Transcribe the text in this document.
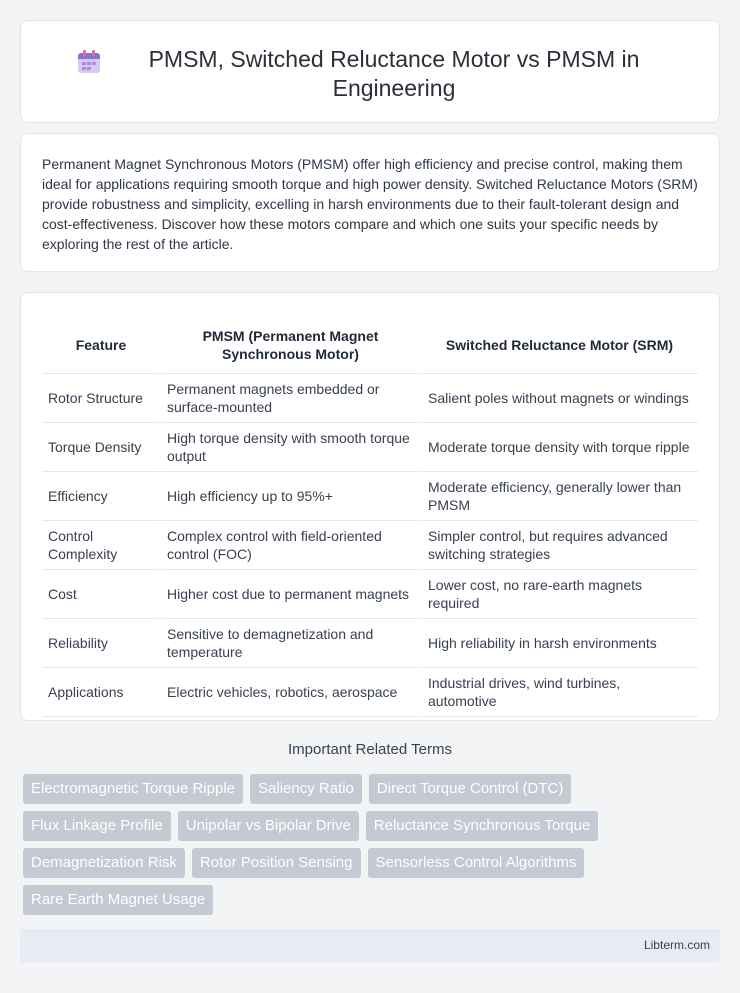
PMSM, Switched Reluctance Motor vs PMSM in Engineering

Permanent Magnet Synchronous Motors (PMSM) offer high efficiency and precise control, making them ideal for applications requiring smooth torque and high power density. Switched Reluctance Motors (SRM) provide robustness and simplicity, excelling in harsh environments due to their fault-tolerant design and cost-effectiveness. Discover how these motors compare and which one suits your specific needs by exploring the rest of the article.

Feature	PMSM (Permanent Magnet Synchronous Motor)	Switched Reluctance Motor (SRM)
Rotor Structure	Permanent magnets embedded or surface-mounted	Salient poles without magnets or windings
Torque Density	High torque density with smooth torque output	Moderate torque density with torque ripple
Efficiency	High efficiency up to 95%+	Moderate efficiency, generally lower than PMSM
Control Complexity	Complex control with field-oriented control (FOC)	Simpler control, but requires advanced switching strategies
Cost	Higher cost due to permanent magnets	Lower cost, no rare-earth magnets required
Reliability	Sensitive to demagnetization and temperature	High reliability in harsh environments
Applications	Electric vehicles, robotics, aerospace	Industrial drives, wind turbines, automotive
Important Related Terms
Electromagnetic Torque Ripple	Saliency Ratio	Direct Torque Control (DTC)
Flux Linkage Profile	Unipolar vs Bipolar Drive	Reluctance Synchronous Torque
Demagnetization Risk	Rotor Position Sensing	Sensorless Control Algorithms
Rare Earth Magnet Usage
Libterm.com
